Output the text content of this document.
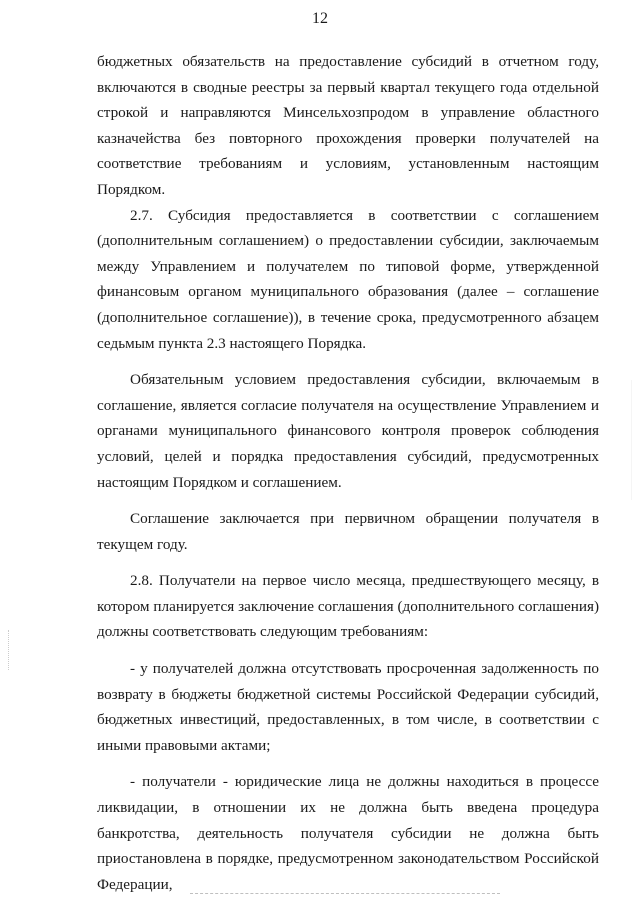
12

бюджетных обязательств на предоставление субсидий в отчетном году, включаются в сводные реестры за первый квартал текущего года отдельной строкой и направляются Минсельхозпродом в управление областного казначейства без повторного прохождения проверки получателей на соответствие требованиям и условиям, установленным настоящим Порядком.

2.7. Субсидия предоставляется в соответствии с соглашением (дополнительным соглашением) о предоставлении субсидии, заключаемым между Управлением и получателем по типовой форме, утвержденной финансовым органом муниципального образования (далее – соглашение (дополнительное соглашение)), в течение срока, предусмотренного абзацем седьмым пункта 2.3 настоящего Порядка.

Обязательным условием предоставления субсидии, включаемым в соглашение, является согласие получателя на осуществление Управлением и органами муниципального финансового контроля проверок соблюдения условий, целей и порядка предоставления субсидий, предусмотренных настоящим Порядком и соглашением.

Соглашение заключается при первичном обращении получателя в текущем году.

2.8. Получатели на первое число месяца, предшествующего месяцу, в котором планируется заключение соглашения (дополнительного соглашения) должны соответствовать следующим требованиям:

- у получателей должна отсутствовать просроченная задолженность по возврату в бюджеты бюджетной системы Российской Федерации субсидий, бюджетных инвестиций, предоставленных, в том числе, в соответствии с иными правовыми актами;

- получатели - юридические лица не должны находиться в процессе ликвидации, в отношении их не должна быть введена процедура банкротства, деятельность получателя субсидии не должна быть приостановлена в порядке, предусмотренном законодательством Российской Федерации,
